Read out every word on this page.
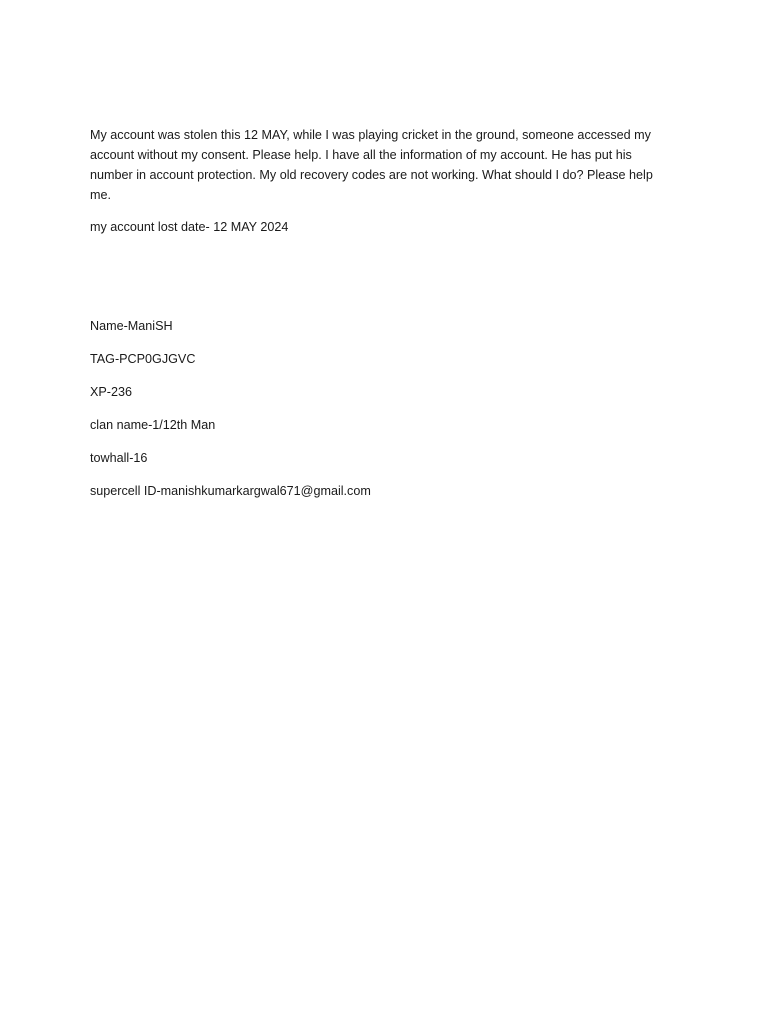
My account was stolen this 12 MAY, while I was playing cricket in the ground, someone accessed my account without my consent. Please help. I have all the information of my account. He has put his number in account protection. My old recovery codes are not working. What should I do? Please help me.

my account lost date- 12 MAY 2024

Name-ManiSH

TAG-PCP0GJGVC

XP-236

clan name-1/12th Man

towhall-16

supercell ID-manishkumarkargwal671@gmail.com
